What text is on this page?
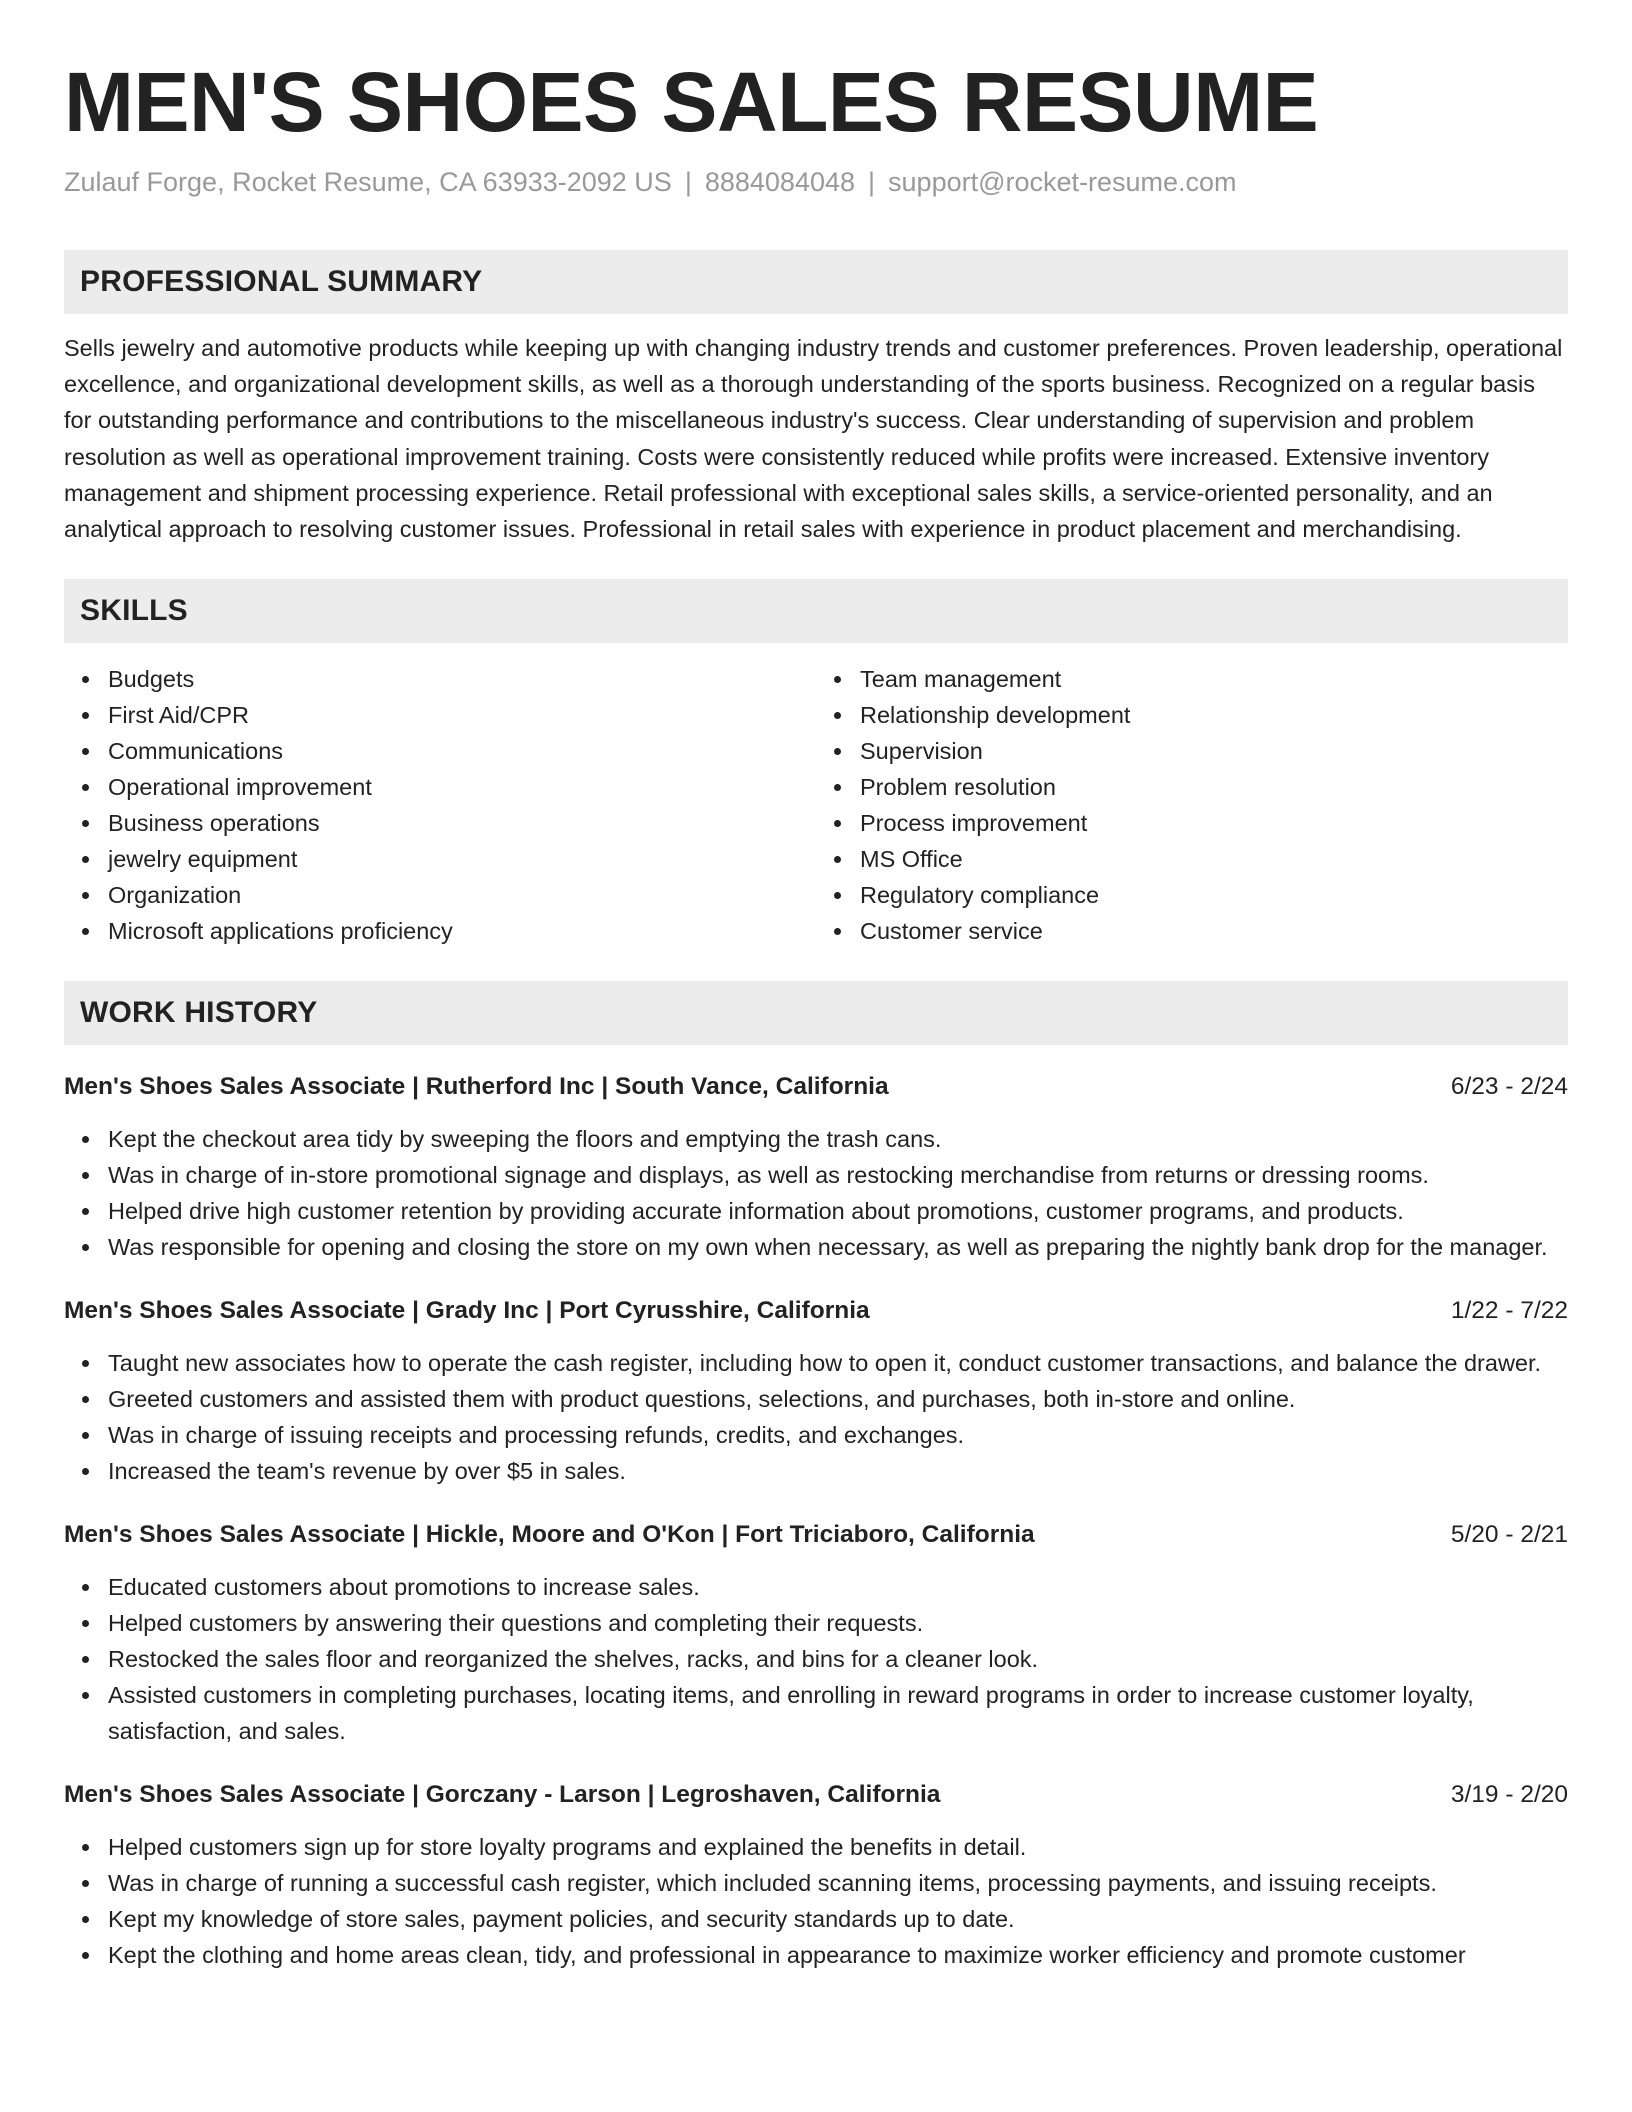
MEN'S SHOES SALES RESUME
Zulauf Forge, Rocket Resume, CA 63933-2092 US | 8884084048 | support@rocket-resume.com
PROFESSIONAL SUMMARY

Sells jewelry and automotive products while keeping up with changing industry trends and customer preferences. Proven leadership, operational excellence, and organizational development skills, as well as a thorough understanding of the sports business. Recognized on a regular basis for outstanding performance and contributions to the miscellaneous industry's success. Clear understanding of supervision and problem resolution as well as operational improvement training. Costs were consistently reduced while profits were increased. Extensive inventory management and shipment processing experience. Retail professional with exceptional sales skills, a service-oriented personality, and an analytical approach to resolving customer issues. Professional in retail sales with experience in product placement and merchandising.

SKILLS
Budgets
First Aid/CPR
Communications
Operational improvement
Business operations
jewelry equipment
Organization
Microsoft applications proficiency
Team management
Relationship development
Supervision
Problem resolution
Process improvement
MS Office
Regulatory compliance
Customer service
WORK HISTORY
Men's Shoes Sales Associate | Rutherford Inc | South Vance, California	6/23 - 2/24
Kept the checkout area tidy by sweeping the floors and emptying the trash cans.
Was in charge of in-store promotional signage and displays, as well as restocking merchandise from returns or dressing rooms.
Helped drive high customer retention by providing accurate information about promotions, customer programs, and products.
Was responsible for opening and closing the store on my own when necessary, as well as preparing the nightly bank drop for the manager.
Men's Shoes Sales Associate | Grady Inc | Port Cyrusshire, California	1/22 - 7/22
Taught new associates how to operate the cash register, including how to open it, conduct customer transactions, and balance the drawer.
Greeted customers and assisted them with product questions, selections, and purchases, both in-store and online.
Was in charge of issuing receipts and processing refunds, credits, and exchanges.
Increased the team's revenue by over $5 in sales.
Men's Shoes Sales Associate | Hickle, Moore and O'Kon | Fort Triciaboro, California	5/20 - 2/21
Educated customers about promotions to increase sales.
Helped customers by answering their questions and completing their requests.
Restocked the sales floor and reorganized the shelves, racks, and bins for a cleaner look.
Assisted customers in completing purchases, locating items, and enrolling in reward programs in order to increase customer loyalty, satisfaction, and sales.
Men's Shoes Sales Associate | Gorczany - Larson | Legroshaven, California	3/19 - 2/20
Helped customers sign up for store loyalty programs and explained the benefits in detail.
Was in charge of running a successful cash register, which included scanning items, processing payments, and issuing receipts.
Kept my knowledge of store sales, payment policies, and security standards up to date.
Kept the clothing and home areas clean, tidy, and professional in appearance to maximize worker efficiency and promote customer
